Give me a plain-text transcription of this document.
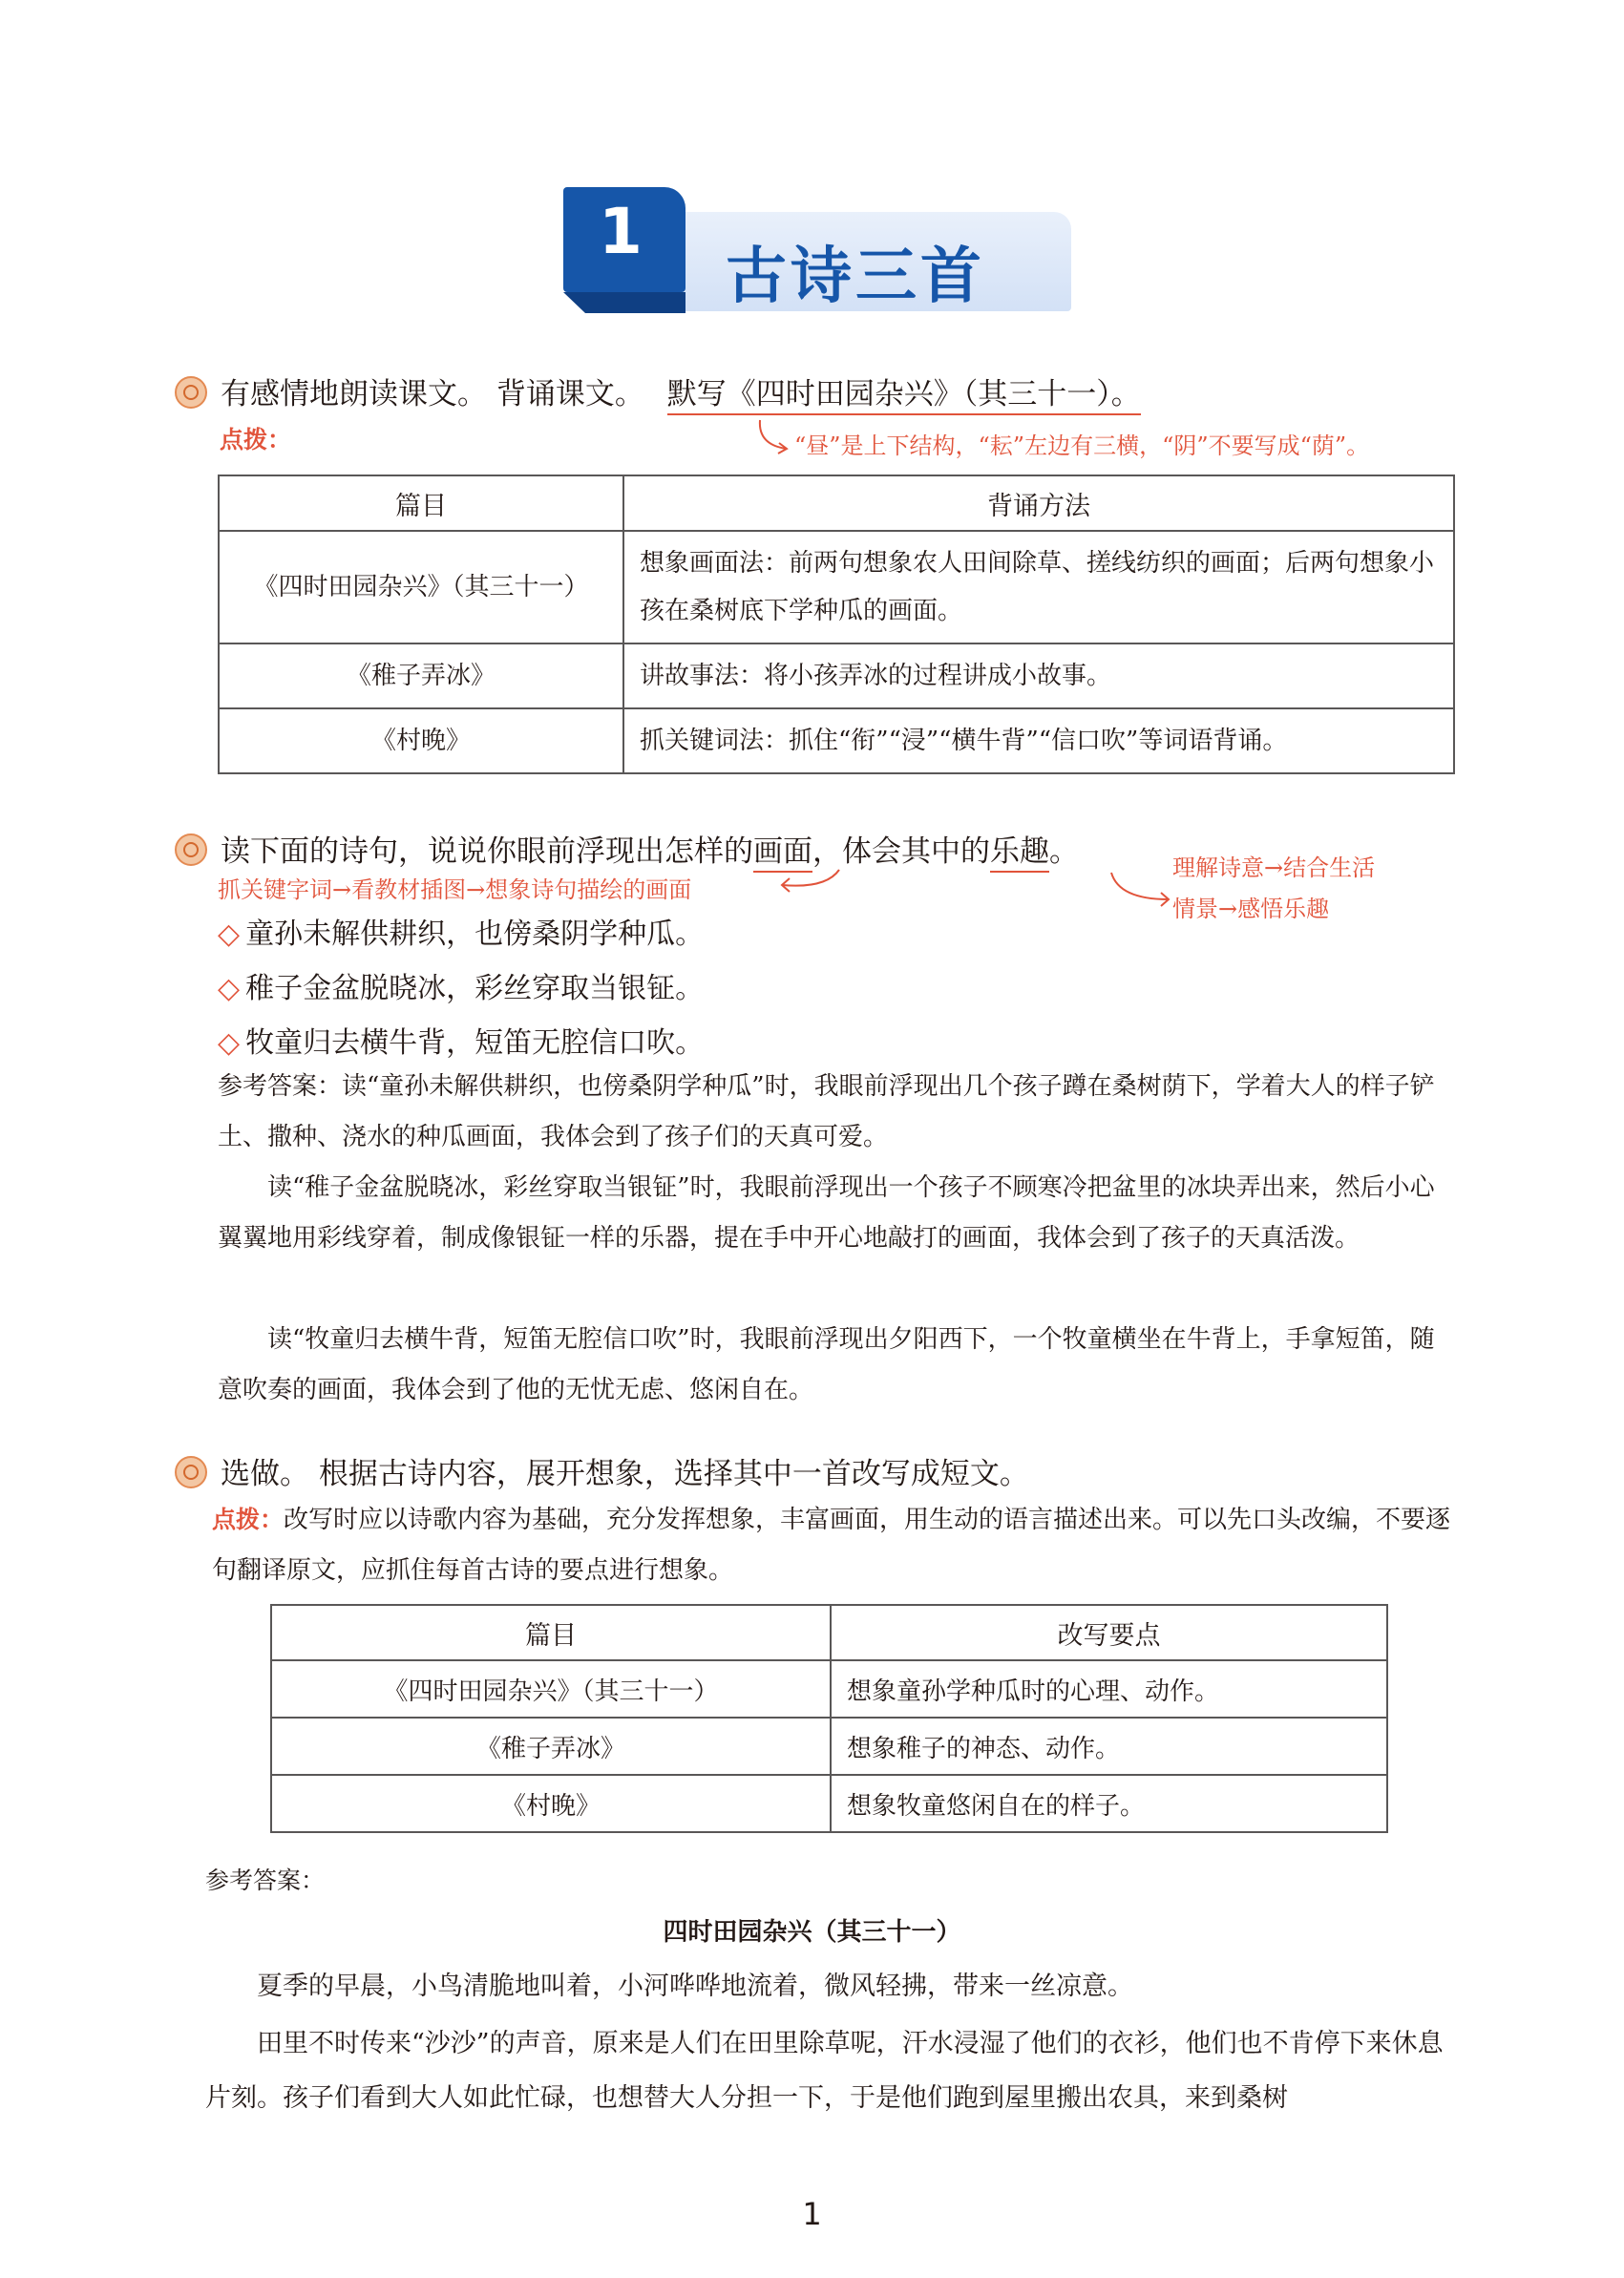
1
古诗三首
有感情地朗读课文。 背诵课文。 默写《四时田园杂兴》（其三十一）。
点拨：	“昼”是上下结构，“耘”左边有三横，“阴”不要写成“荫”。
篇目	背诵方法
《四时田园杂兴》（其三十一）	想象画面法：前两句想象农人田间除草、搓线纺织的画面；后两句想象小孩在桑树底下学种瓜的画面。
《稚子弄冰》	讲故事法：将小孩弄冰的过程讲成小故事。
《村晚》	抓关键词法：抓住“衔”“浸”“横牛背”“信口吹”等词语背诵。
读下面的诗句，说说你眼前浮现出怎样的画面，体会其中的乐趣。
抓关键字词→看教材插图→想象诗句描绘的画面
理解诗意→结合生活
情景→感悟乐趣
◇ 童孙未解供耕织，也傍桑阴学种瓜。
◇ 稚子金盆脱晓冰，彩丝穿取当银钲。
◇ 牧童归去横牛背，短笛无腔信口吹。
参考答案：读“童孙未解供耕织，也傍桑阴学种瓜”时，我眼前浮现出几个孩子蹲在桑树荫下，学着大人的样子铲土、撒种、浇水的种瓜画面，我体会到了孩子们的天真可爱。
读“稚子金盆脱晓冰，彩丝穿取当银钲”时，我眼前浮现出一个孩子不顾寒冷把盆里的冰块弄出来，然后小心翼翼地用彩线穿着，制成像银钲一样的乐器，提在手中开心地敲打的画面，我体会到了孩子的天真活泼。
读“牧童归去横牛背，短笛无腔信口吹”时，我眼前浮现出夕阳西下，一个牧童横坐在牛背上，手拿短笛，随意吹奏的画面，我体会到了他的无忧无虑、悠闲自在。
选做。 根据古诗内容，展开想象，选择其中一首改写成短文。
点拨：改写时应以诗歌内容为基础，充分发挥想象，丰富画面，用生动的语言描述出来。可以先口头改编，不要逐句翻译原文，应抓住每首古诗的要点进行想象。
篇目	改写要点
《四时田园杂兴》（其三十一）	想象童孙学种瓜时的心理、动作。
《稚子弄冰》	想象稚子的神态、动作。
《村晚》	想象牧童悠闲自在的样子。
参考答案：
四时田园杂兴（其三十一）
夏季的早晨，小鸟清脆地叫着，小河哗哗地流着，微风轻拂，带来一丝凉意。
田里不时传来“沙沙”的声音，原来是人们在田里除草呢，汗水浸湿了他们的衣衫，他们也不肯停下来休息片刻。孩子们看到大人如此忙碌，也想替大人分担一下，于是他们跑到屋里搬出农具，来到桑树
1
